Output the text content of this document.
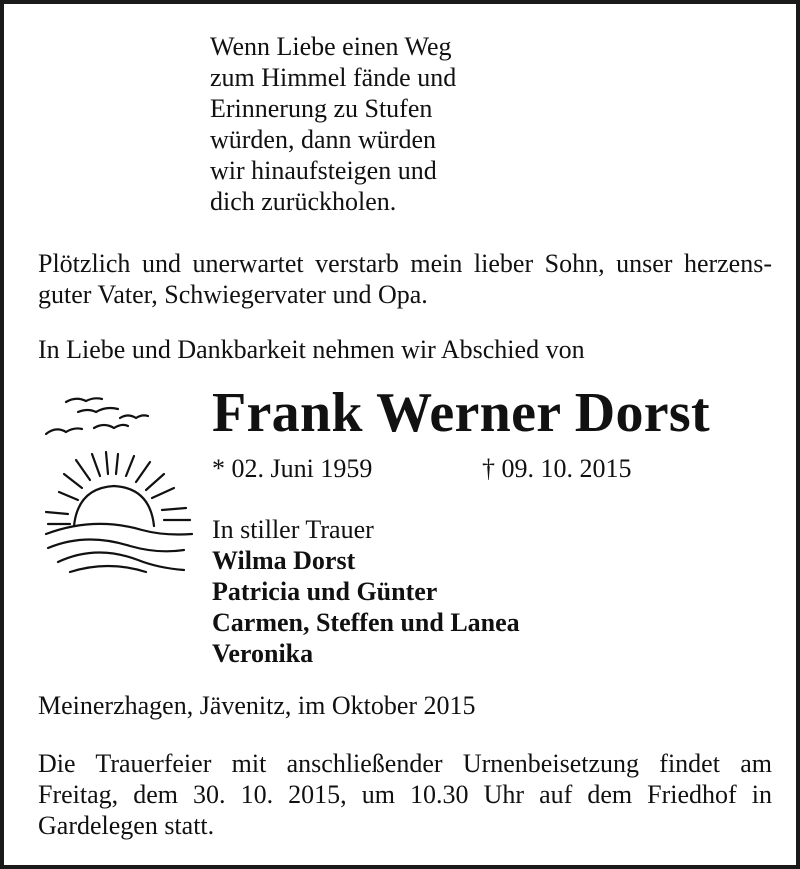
Wenn Liebe einen Weg
zum Himmel fände und
Erinnerung zu Stufen
würden, dann würden
wir hinaufsteigen und
dich zurückholen.

Plötzlich und unerwartet verstarb mein lieber Sohn, unser herzens-guter Vater, Schwiegervater und Opa.

In Liebe und Dankbarkeit nehmen wir Abschied von

Frank Werner Dorst
* 02. Juni 1959	† 09. 10. 2015
In stiller Trauer
Wilma Dorst
Patricia und Günter
Carmen, Steffen und Lanea
Veronika

Meinerzhagen, Jävenitz, im Oktober 2015

Die Trauerfeier mit anschließender Urnenbeisetzung findet am Freitag, dem 30. 10. 2015, um 10.30 Uhr auf dem Friedhof in Gardelegen statt.
